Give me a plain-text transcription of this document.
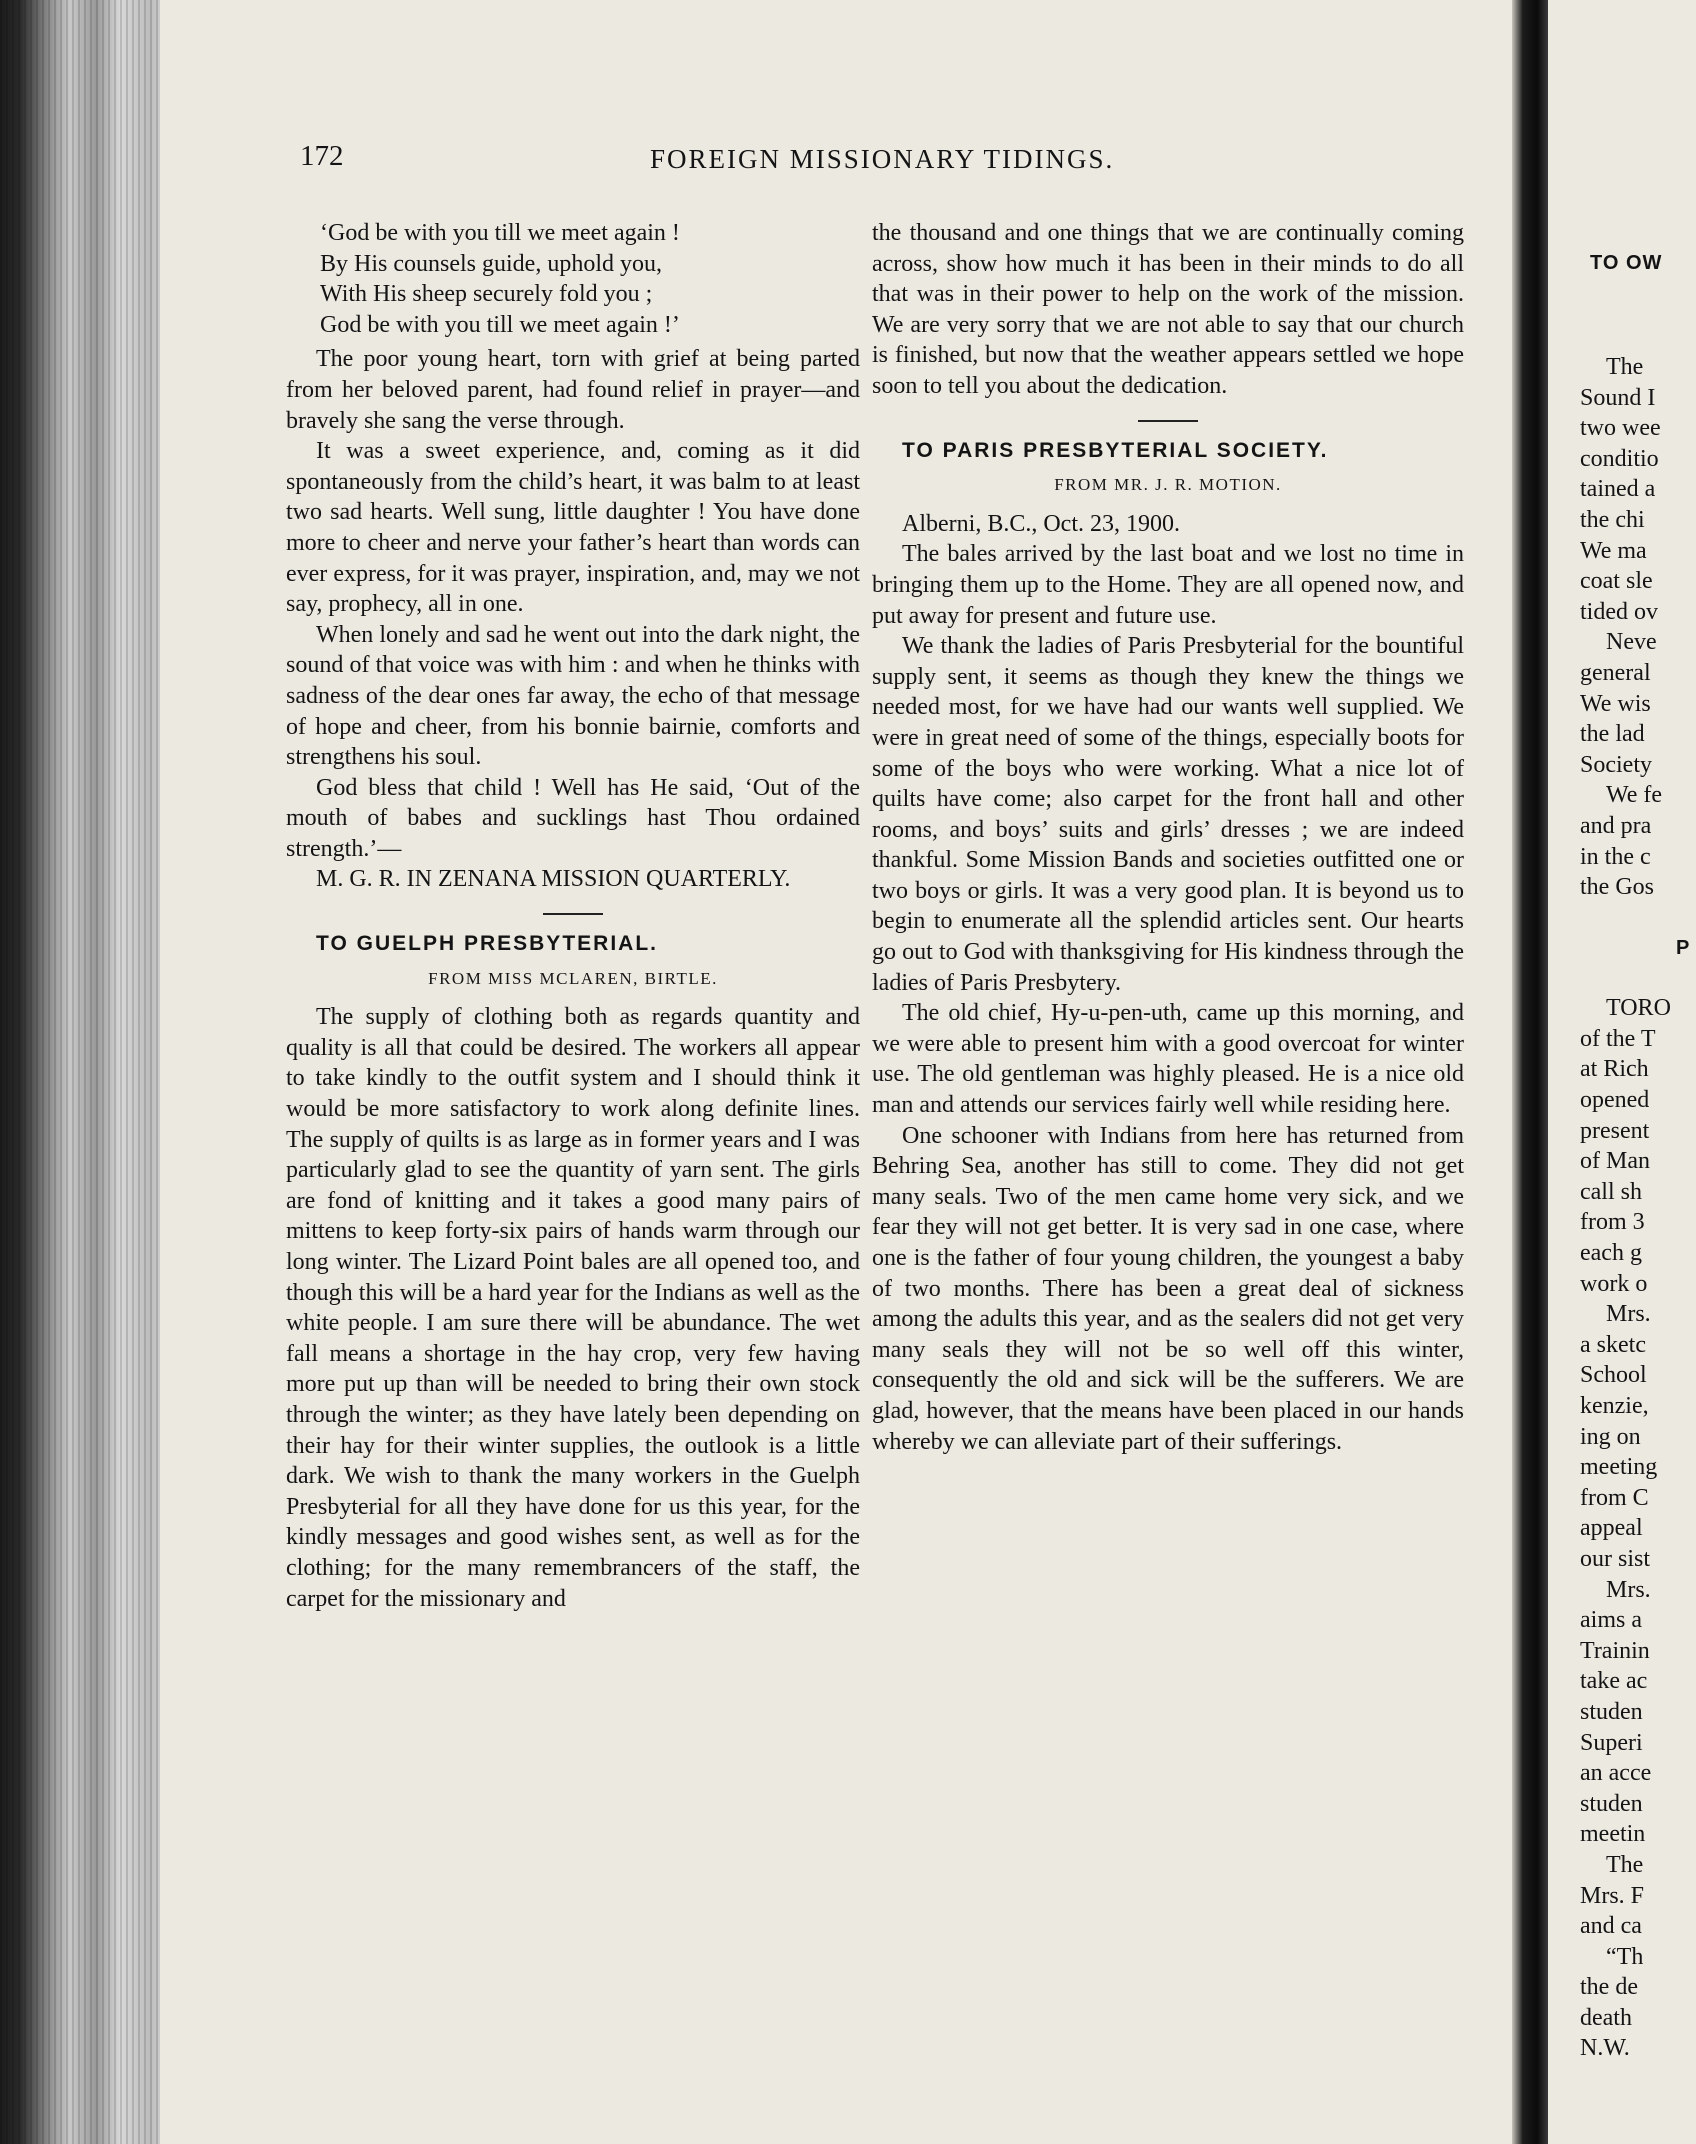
TO OW
The
Sound I
two wee
conditio
tained a
the chi
We ma
coat sle
tided ov
Neve
general
We wis
the lad
Society
We fe
and pra
in the c
the Gos
P
TORO
of the T
at Rich
opened
present
of Man
call sh
from 3
each g
work o
Mrs.
a sketc
School
kenzie,
ing on
meeting
from C
appeal
our sist
Mrs.
aims a
Trainin
take ac
studen
Superi
an acce
studen
meetin
The
Mrs. F
and ca
“Th
the de
death
N.W.
172	FOREIGN MISSIONARY TIDINGS.
‘God be with you till we meet again !
By His counsels guide, uphold you,
With His sheep securely fold you ;
God be with you till we meet again !’

The poor young heart, torn with grief at being parted from her beloved parent, had found relief in prayer—and bravely she sang the verse through.

It was a sweet experience, and, coming as it did spontaneously from the child’s heart, it was balm to at least two sad hearts. Well sung, little daughter ! You have done more to cheer and nerve your father’s heart than words can ever express, for it was prayer, inspiration, and, may we not say, prophecy, all in one.

When lonely and sad he went out into the dark night, the sound of that voice was with him : and when he thinks with sadness of the dear ones far away, the echo of that message of hope and cheer, from his bonnie bairnie, comforts and strengthens his soul.

God bless that child ! Well has He said, ‘Out of the mouth of babes and sucklings hast Thou ordained strength.’—

M. G. R. IN ZENANA MISSION QUARTERLY.

TO GUELPH PRESBYTERIAL.

FROM MISS MCLAREN, BIRTLE.

The supply of clothing both as regards quantity and quality is all that could be desired. The workers all appear to take kindly to the outfit system and I should think it would be more satisfactory to work along definite lines. The supply of quilts is as large as in former years and I was particularly glad to see the quantity of yarn sent. The girls are fond of knitting and it takes a good many pairs of mittens to keep forty-six pairs of hands warm through our long winter. The Lizard Point bales are all opened too, and though this will be a hard year for the Indians as well as the white people. I am sure there will be abundance. The wet fall means a shortage in the hay crop, very few having more put up than will be needed to bring their own stock through the winter; as they have lately been depending on their hay for their winter supplies, the outlook is a little dark. We wish to thank the many workers in the Guelph Presbyterial for all they have done for us this year, for the kindly messages and good wishes sent, as well as for the clothing; for the many remembrancers of the staff, the carpet for the missionary and

the thousand and one things that we are continually coming across, show how much it has been in their minds to do all that was in their power to help on the work of the mission. We are very sorry that we are not able to say that our church is finished, but now that the weather appears settled we hope soon to tell you about the dedication.

TO PARIS PRESBYTERIAL SOCIETY.

FROM MR. J. R. MOTION.

Alberni, B.C., Oct. 23, 1900.

The bales arrived by the last boat and we lost no time in bringing them up to the Home. They are all opened now, and put away for present and future use.

We thank the ladies of Paris Presbyterial for the bountiful supply sent, it seems as though they knew the things we needed most, for we have had our wants well supplied. We were in great need of some of the things, especially boots for some of the boys who were working. What a nice lot of quilts have come; also carpet for the front hall and other rooms, and boys’ suits and girls’ dresses ; we are indeed thankful. Some Mission Bands and societies outfitted one or two boys or girls. It was a very good plan. It is beyond us to begin to enumerate all the splendid articles sent. Our hearts go out to God with thanksgiving for His kindness through the ladies of Paris Presbytery.

The old chief, Hy-u-pen-uth, came up this morning, and we were able to present him with a good overcoat for winter use. The old gentleman was highly pleased. He is a nice old man and attends our services fairly well while residing here.

One schooner with Indians from here has returned from Behring Sea, another has still to come. They did not get many seals. Two of the men came home very sick, and we fear they will not get better. It is very sad in one case, where one is the father of four young children, the youngest a baby of two months. There has been a great deal of sickness among the adults this year, and as the sealers did not get very many seals they will not be so well off this winter, consequently the old and sick will be the sufferers. We are glad, however, that the means have been placed in our hands whereby we can alleviate part of their sufferings.
